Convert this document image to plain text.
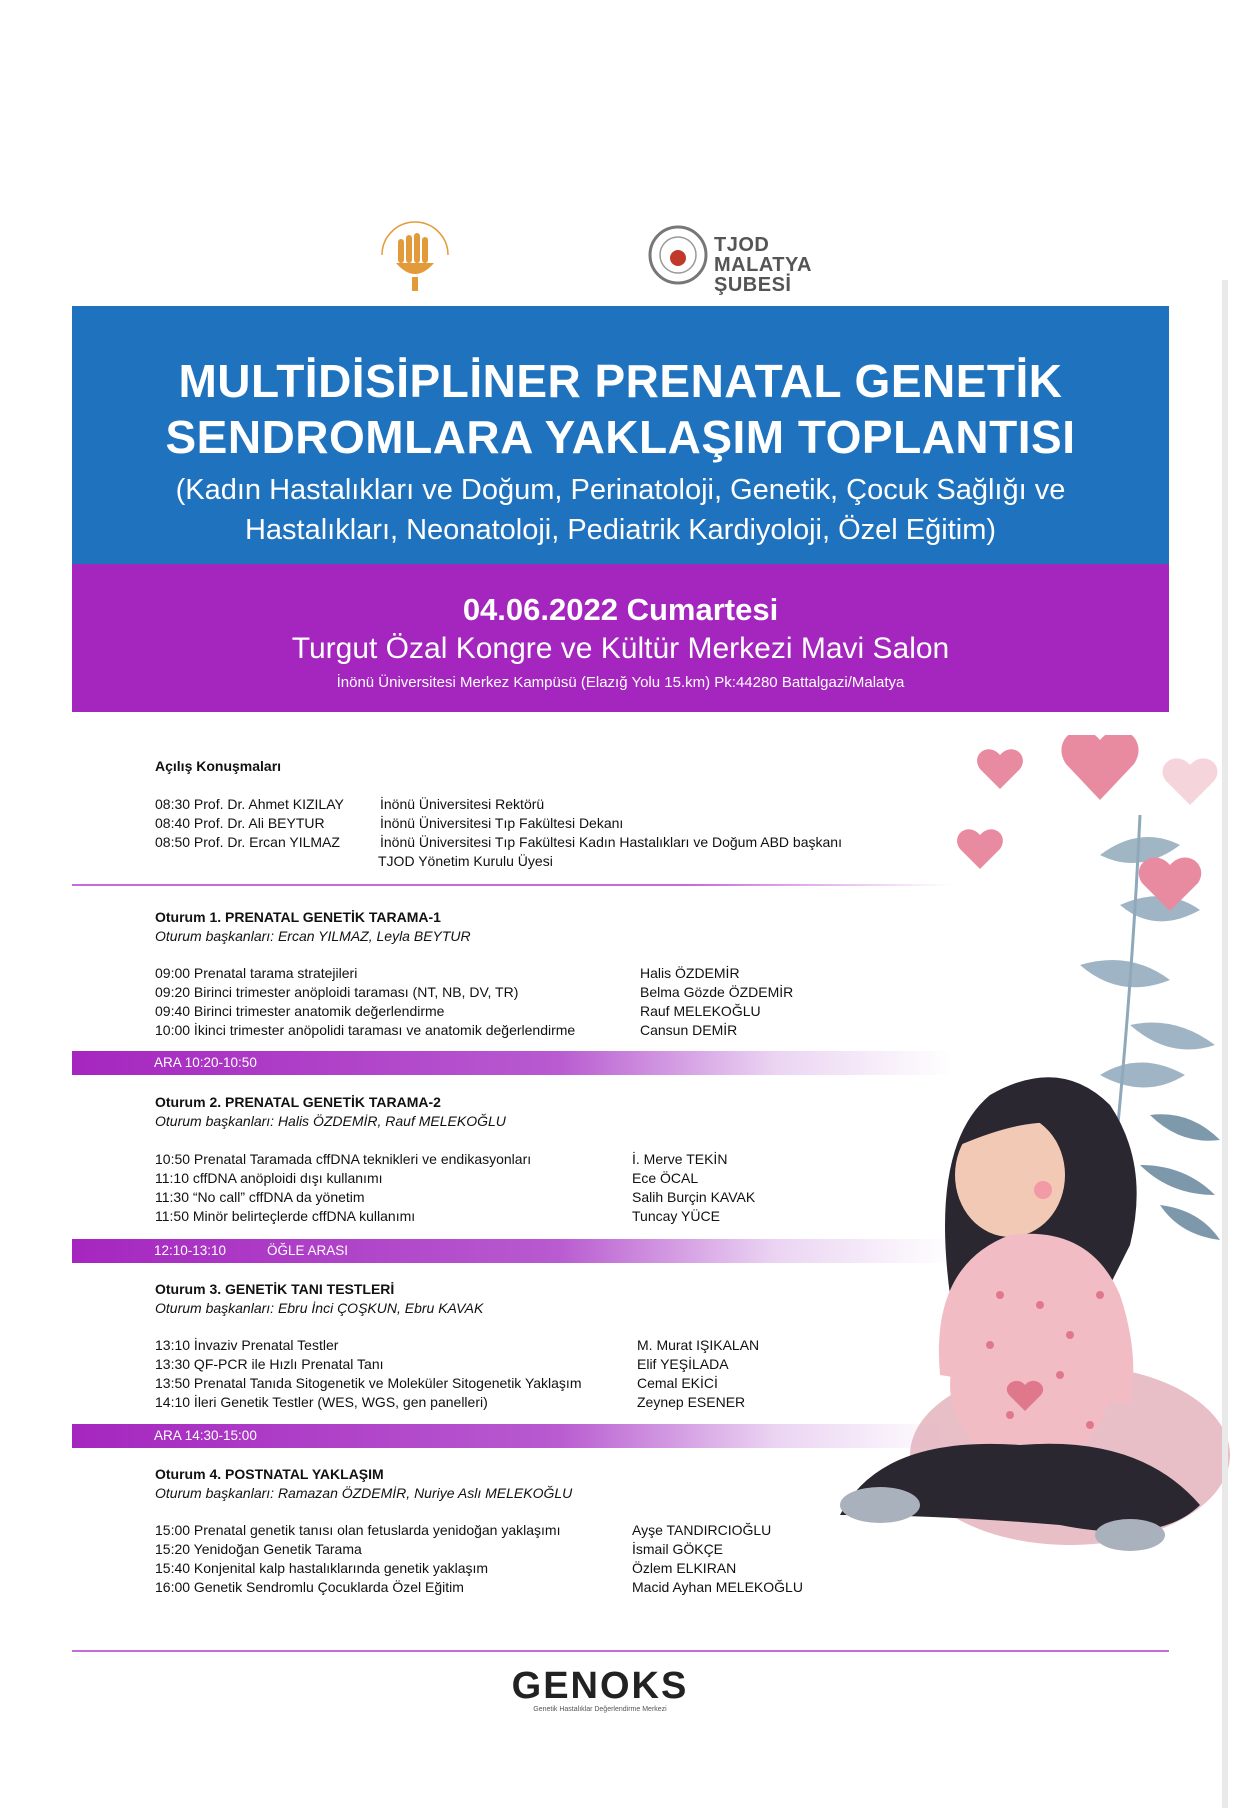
TJOD
MALATYA ŞUBESİ
MULTİDİSİPLİNER PRENATAL GENETİK
SENDROMLARA YAKLAŞIM TOPLANTISI
(Kadın Hastalıkları ve Doğum, Perinatoloji, Genetik, Çocuk Sağlığı ve
Hastalıkları, Neonatoloji, Pediatrik Kardiyoloji, Özel Eğitim)
04.06.2022 Cumartesi
Turgut Özal Kongre ve Kültür Merkezi Mavi Salon
İnönü Üniversitesi Merkez Kampüsü (Elazığ Yolu 15.km) Pk:44280 Battalgazi/Malatya
Açılış Konuşmaları
08:30 Prof. Dr. Ahmet KIZILAY	İnönü Üniversitesi Rektörü
08:40 Prof. Dr. Ali BEYTUR	İnönü Üniversitesi Tıp Fakültesi Dekanı
08:50 Prof. Dr. Ercan YILMAZ	İnönü Üniversitesi Tıp Fakültesi Kadın Hastalıkları ve Doğum ABD başkanı
TJOD Yönetim Kurulu Üyesi
Oturum 1. PRENATAL GENETİK TARAMA-1
Oturum başkanları: Ercan YILMAZ, Leyla BEYTUR
09:00 Prenatal tarama stratejileri	Halis ÖZDEMİR
09:20 Birinci trimester anöploidi taraması (NT, NB, DV, TR)	Belma Gözde ÖZDEMİR
09:40 Birinci trimester anatomik değerlendirme	Rauf MELEKOĞLU
10:00 İkinci trimester anöpolidi taraması ve anatomik değerlendirme	Cansun DEMİR
ARA 10:20-10:50
Oturum 2. PRENATAL GENETİK TARAMA-2
Oturum başkanları: Halis ÖZDEMİR, Rauf MELEKOĞLU
10:50 Prenatal Taramada cffDNA teknikleri ve endikasyonları	İ. Merve TEKİN
11:10 cffDNA anöploidi dışı kullanımı	Ece ÖCAL
11:30 “No call” cffDNA da yönetim	Salih Burçin KAVAK
11:50 Minör belirteçlerde cffDNA kullanımı	Tuncay YÜCE
12:10-13:10	ÖĞLE ARASI
Oturum 3. GENETİK TANI TESTLERİ
Oturum başkanları: Ebru İnci ÇOŞKUN, Ebru KAVAK
13:10 İnvaziv Prenatal Testler	M. Murat IŞIKALAN
13:30 QF-PCR ile Hızlı Prenatal Tanı	Elif YEŞİLADA
13:50 Prenatal Tanıda Sitogenetik ve Moleküler Sitogenetik Yaklaşım	Cemal EKİCİ
14:10 İleri Genetik Testler (WES, WGS, gen panelleri)	Zeynep ESENER
ARA 14:30-15:00
Oturum 4. POSTNATAL YAKLAŞIM
Oturum başkanları: Ramazan ÖZDEMİR, Nuriye Aslı MELEKOĞLU
15:00 Prenatal genetik tanısı olan fetuslarda yenidoğan yaklaşımı	Ayşe TANDIRCIOĞLU
15:20 Yenidoğan Genetik Tarama	İsmail GÖKÇE
15:40 Konjenital kalp hastalıklarında genetik yaklaşım	Özlem ELKIRAN
16:00 Genetik Sendromlu Çocuklarda Özel Eğitim	Macid Ayhan MELEKOĞLU
GENOKS
Genetik Hastalıklar Değerlendirme Merkezi
